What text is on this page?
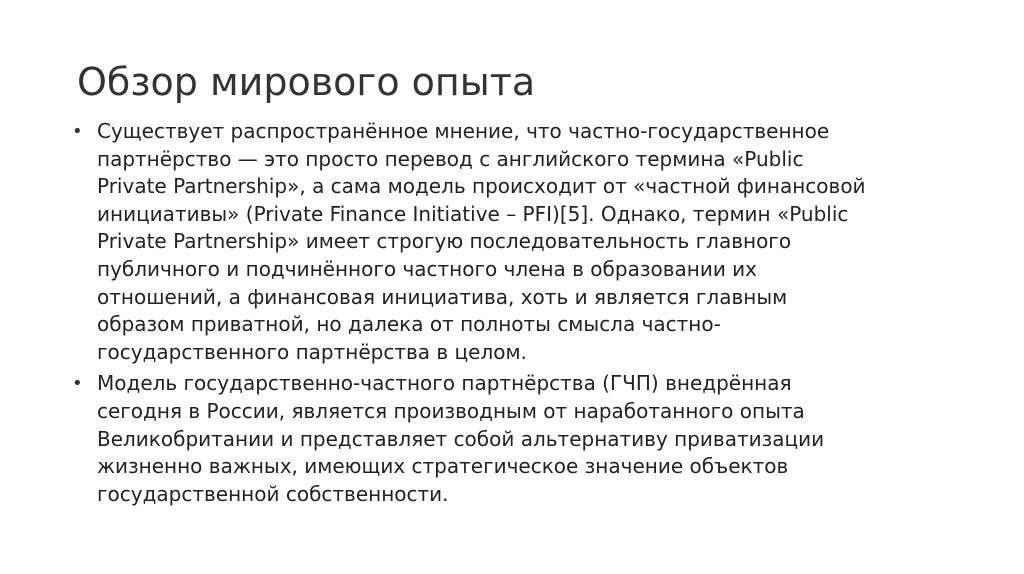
Обзор мирового опыта
• Существует распространённое мнение, что частно-государственное
партнёрство — это просто перевод с английского термина «Public
Private Partnership», а сама модель происходит от «частной финансовой
инициативы» (Private Finance Initiative – PFI)[5]. Однако, термин «Public
Private Partnership» имеет строгую последовательность главного
публичного и подчинённого частного члена в образовании их
отношений, а финансовая инициатива, хоть и является главным
образом приватной, но далека от полноты смысла частно-
государственного партнёрства в целом.
• Модель государственно-частного партнёрства (ГЧП) внедрённая
сегодня в России, является производным от наработанного опыта
Великобритании и представляет собой альтернативу приватизации
жизненно важных, имеющих стратегическое значение объектов
государственной собственности.
